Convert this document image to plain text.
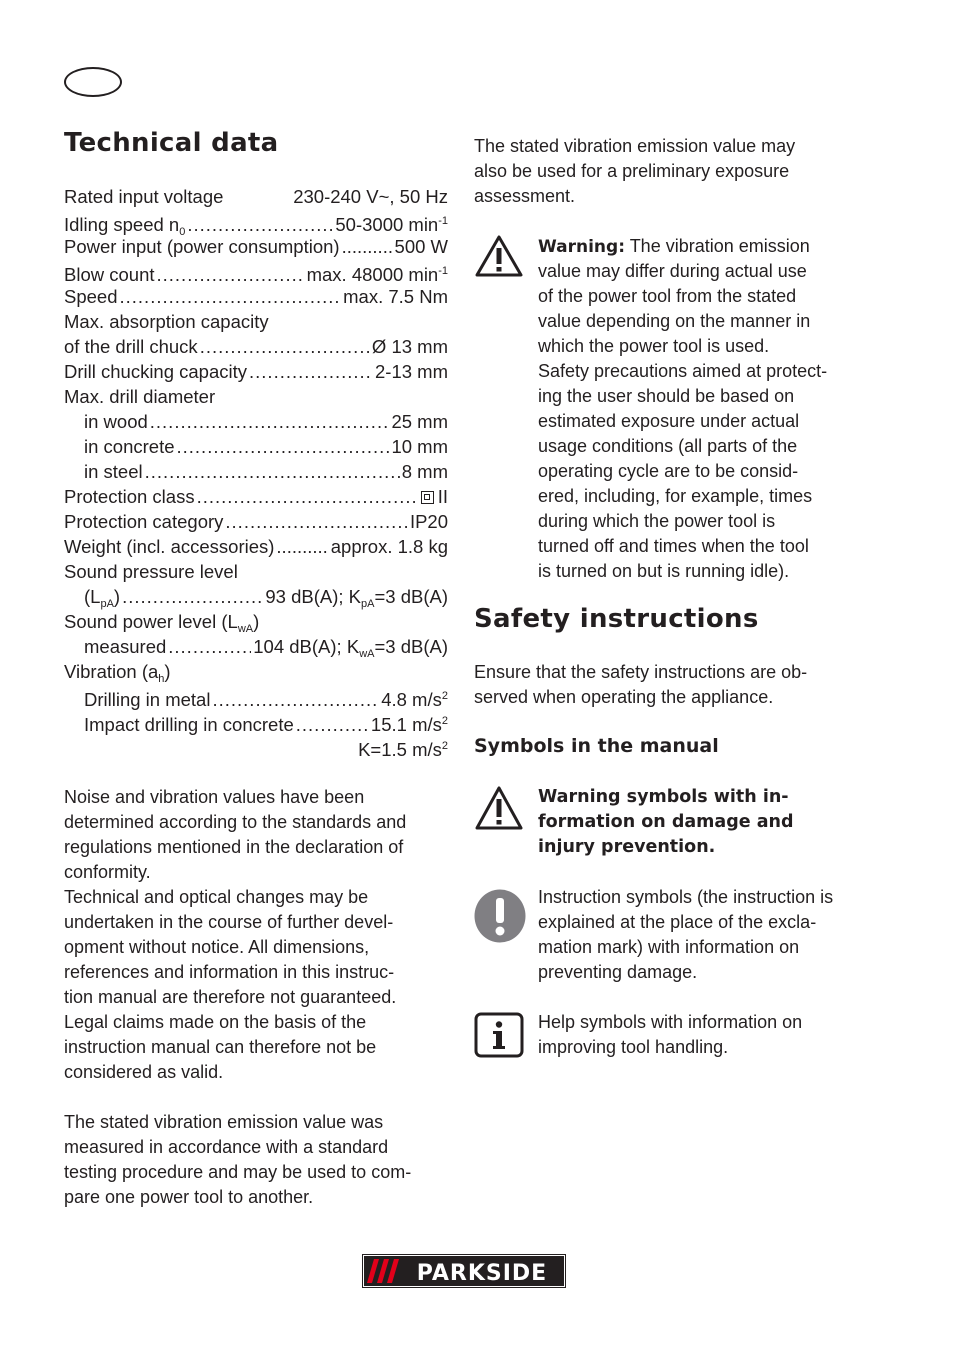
Technical data
Rated input voltage	230-240 V~, 50 Hz
Idling speed $n_0$ .....	50-3000 $\min^{-1}$
Power input (power consumption) .....	500 W
Blow count .....	max. 48000 $\min^{-1}$
Speed .....	max. 7.5 Nm
Max. absorption capacity
of the drill chuck .....	Ø 13 mm
Drill chucking capacity .....	2-13 mm
Max. drill diameter
in wood .....	25 mm
in concrete .....	10 mm
in steel .....	8 mm
Protection class .....	II
Protection category .....	IP20
Weight (incl. accessories) .....	approx. 1.8 kg
Sound pressure level
$(L_{pA})$ .....	93 dB(A); $K_{pA}=3$ dB(A)
Sound power level $(L_{wA})$
measured .....	104 dB(A); $K_{wA}=3$ dB(A)
Vibration $(a_h)$
Drilling in metal .....	4.8 $m/s^2$
Impact drilling in concrete .....	15.1 $m/s^2$
K=1.5 $m/s^2$
Noise and vibration values have been
determined according to the standards and
regulations mentioned in the declaration of
conformity.
Technical and optical changes may be
undertaken in the course of further devel-
opment without notice. All dimensions,
references and information in this instruc-
tion manual are therefore not guaranteed.
Legal claims made on the basis of the
instruction manual can therefore not be
considered as valid.
The stated vibration emission value was
measured in accordance with a standard
testing procedure and may be used to com-
pare one power tool to another.
The stated vibration emission value may
also be used for a preliminary exposure
assessment.
Warning: The vibration emission
value may differ during actual use
of the power tool from the stated
value depending on the manner in
which the power tool is used.
Safety precautions aimed at protect-
ing the user should be based on
estimated exposure under actual
usage conditions (all parts of the
operating cycle are to be consid-
ered, including, for example, times
during which the power tool is
turned off and times when the tool
is turned on but is running idle).
Safety instructions
Ensure that the safety instructions are ob-
served when operating the appliance.
Symbols in the manual
Warning symbols with in-
formation on damage and
injury prevention.
Instruction symbols (the instruction is
explained at the place of the excla-
mation mark) with information on
preventing damage.
Help symbols with information on
improving tool handling.
PARKSIDE
